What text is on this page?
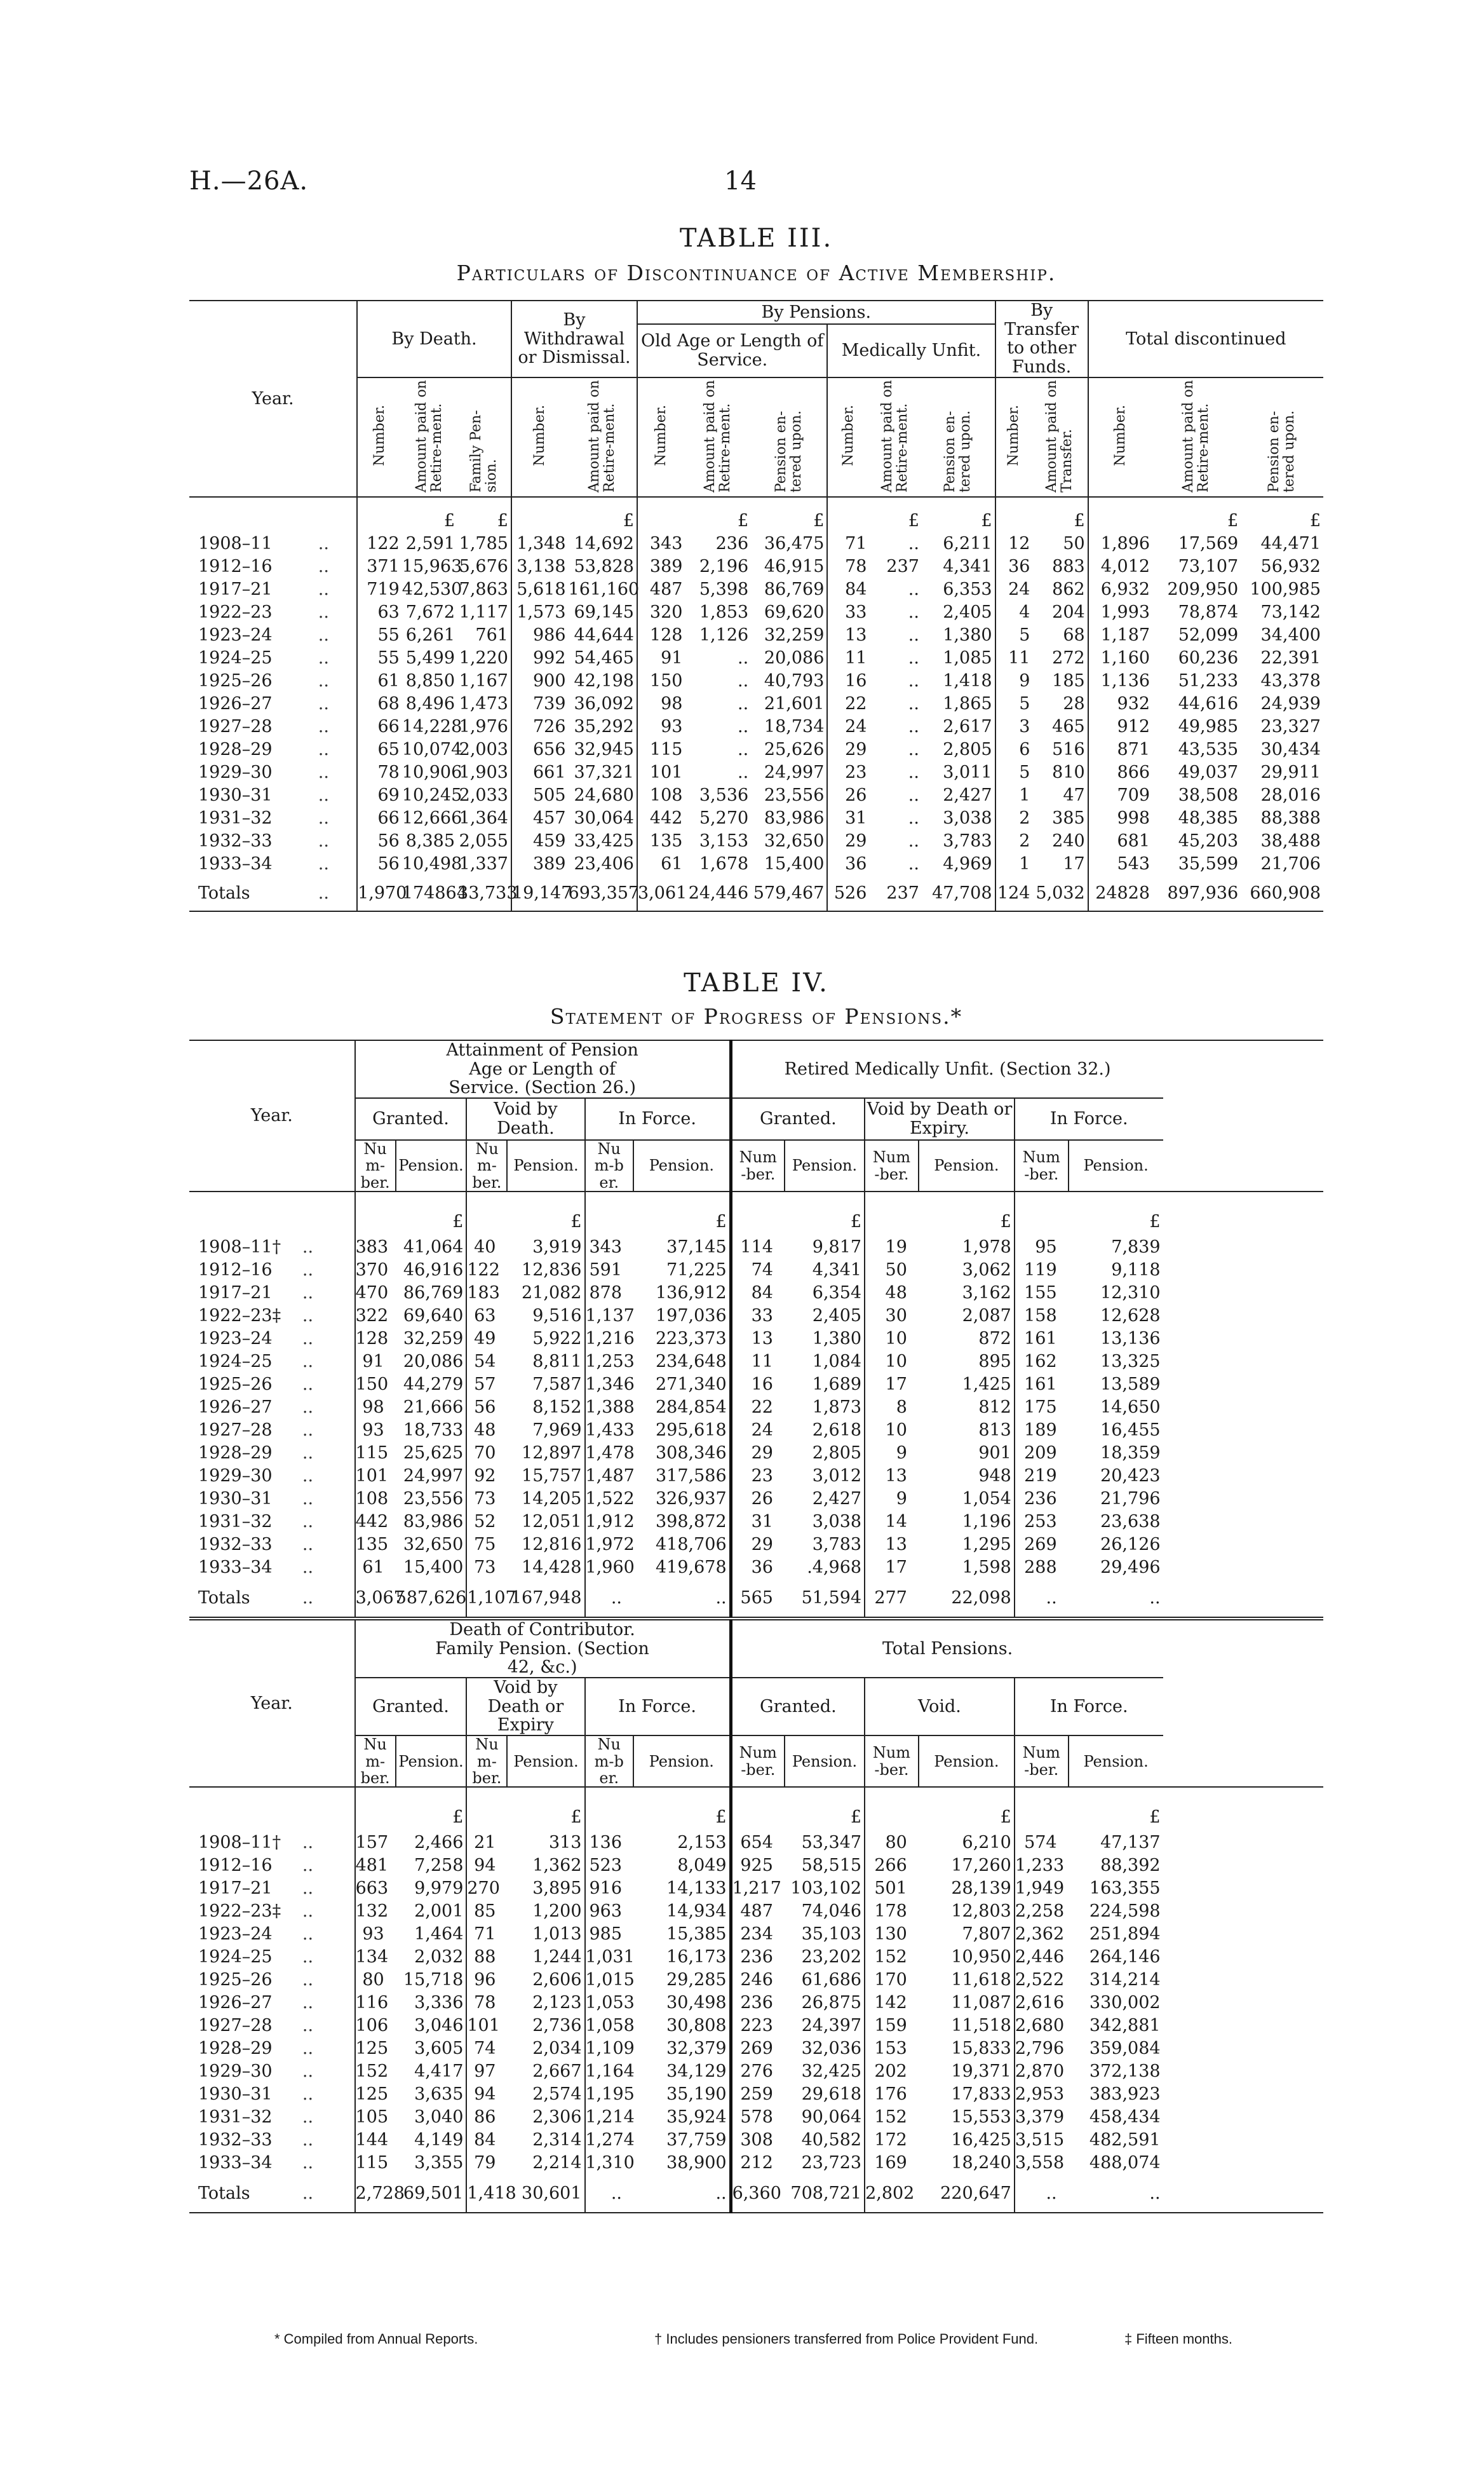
H.—26A.	14
TABLE III.
Particulars of Discontinuance of Active Membership.
Year.		By Death.			By Withdrawal or Dismissal.		By Pensions.						By Transfer to other Funds.		Total discontinued		
							Old Age or Length of Service.			Medically Unfit.							
		Number.	Amount paid on Retire-ment.	Family Pen-sion.	Number.	Amount paid on Retire-ment.	Number.	Amount paid on Retire-ment.	Pension en-tered upon.	Number.	Amount paid on Retire-ment.	Pension en-tered upon.	Number.	Amount paid on Transfer.	Number.	Amount paid on Retire-ment.	Pension en-tered upon.
			£	£		£		£	£		£	£		£		£	£
1908–11	..	122	2,591	1,785	1,348	14,692	343	236	36,475	71	..	6,211	12	50	1,896	17,569	44,471
1912–16	..	371	15,963	5,676	3,138	53,828	389	2,196	46,915	78	237	4,341	36	883	4,012	73,107	56,932
1917–21	..	719	42,530	7,863	5,618	161,160	487	5,398	86,769	84	..	6,353	24	862	6,932	209,950	100,985
1922–23	..	63	7,672	1,117	1,573	69,145	320	1,853	69,620	33	..	2,405	4	204	1,993	78,874	73,142
1923–24	..	55	6,261	761	986	44,644	128	1,126	32,259	13	..	1,380	5	68	1,187	52,099	34,400
1924–25	..	55	5,499	1,220	992	54,465	91	..	20,086	11	..	1,085	11	272	1,160	60,236	22,391
1925–26	..	61	8,850	1,167	900	42,198	150	..	40,793	16	..	1,418	9	185	1,136	51,233	43,378
1926–27	..	68	8,496	1,473	739	36,092	98	..	21,601	22	..	1,865	5	28	932	44,616	24,939
1927–28	..	66	14,228	1,976	726	35,292	93	..	18,734	24	..	2,617	3	465	912	49,985	23,327
1928–29	..	65	10,074	2,003	656	32,945	115	..	25,626	29	..	2,805	6	516	871	43,535	30,434
1929–30	..	78	10,906	1,903	661	37,321	101	..	24,997	23	..	3,011	5	810	866	49,037	29,911
1930–31	..	69	10,245	2,033	505	24,680	108	3,536	23,556	26	..	2,427	1	47	709	38,508	28,016
1931–32	..	66	12,666	1,364	457	30,064	442	5,270	83,986	31	..	3,038	2	385	998	48,385	88,388
1932–33	..	56	8,385	2,055	459	33,425	135	3,153	32,650	29	..	3,783	2	240	681	45,203	38,488
1933–34	..	56	10,498	1,337	389	23,406	61	1,678	15,400	36	..	4,969	1	17	543	35,599	21,706
Totals	..	1,970	174864	33,733	19,147	693,357	3,061	24,446	579,467	526	237	47,708	124	5,032	24828	897,936	660,908
TABLE IV.
Statement of Progress of Pensions.*
Year.		Attainment of Pension Age or Length of Service. (Section 26.)						Retired Medically Unfit. (Section 32.)					
		Granted.		Void by Death.		In Force.		Granted.		Void by Death or Expiry.		In Force.	
		Num-ber.	Pension.	Num-ber.	Pension.	Num-ber.	Pension.	Num-ber.	Pension.	Num-ber.	Pension.	Num-ber.	Pension.
			£		£		£		£		£		£
1908–11†	..	383	41,064	40	3,919	343	37,145	114	9,817	19	1,978	95	7,839
1912–16	..	370	46,916	122	12,836	591	71,225	74	4,341	50	3,062	119	9,118
1917–21	..	470	86,769	183	21,082	878	136,912	84	6,354	48	3,162	155	12,310
1922–23‡	..	322	69,640	63	9,516	1,137	197,036	33	2,405	30	2,087	158	12,628
1923–24	..	128	32,259	49	5,922	1,216	223,373	13	1,380	10	872	161	13,136
1924–25	..	91	20,086	54	8,811	1,253	234,648	11	1,084	10	895	162	13,325
1925–26	..	150	44,279	57	7,587	1,346	271,340	16	1,689	17	1,425	161	13,589
1926–27	..	98	21,666	56	8,152	1,388	284,854	22	1,873	8	812	175	14,650
1927–28	..	93	18,733	48	7,969	1,433	295,618	24	2,618	10	813	189	16,455
1928–29	..	115	25,625	70	12,897	1,478	308,346	29	2,805	9	901	209	18,359
1929–30	..	101	24,997	92	15,757	1,487	317,586	23	3,012	13	948	219	20,423
1930–31	..	108	23,556	73	14,205	1,522	326,937	26	2,427	9	1,054	236	21,796
1931–32	..	442	83,986	52	12,051	1,912	398,872	31	3,038	14	1,196	253	23,638
1932–33	..	135	32,650	75	12,816	1,972	418,706	29	3,783	13	1,295	269	26,126
1933–34	..	61	15,400	73	14,428	1,960	419,678	36	.4,968	17	1,598	288	29,496
Totals	..	3,067	587,626	1,107	167,948	..	..	565	51,594	277	22,098	..	..
Year.		Death of Contributor. Family Pension. (Section 42, &c.)						Total Pensions.					
		Granted.		Void by Death or Expiry		In Force.		Granted.		Void.		In Force.	
		Num-ber.	Pension.	Num-ber.	Pension.	Num-ber.	Pension.	Num-ber.	Pension.	Num-ber.	Pension.	Num-ber.	Pension.
			£		£		£		£		£		£
1908–11†	..	157	2,466	21	313	136	2,153	654	53,347	80	6,210	574	47,137
1912–16	..	481	7,258	94	1,362	523	8,049	925	58,515	266	17,260	1,233	88,392
1917–21	..	663	9,979	270	3,895	916	14,133	1,217	103,102	501	28,139	1,949	163,355
1922–23‡	..	132	2,001	85	1,200	963	14,934	487	74,046	178	12,803	2,258	224,598
1923–24	..	93	1,464	71	1,013	985	15,385	234	35,103	130	7,807	2,362	251,894
1924–25	..	134	2,032	88	1,244	1,031	16,173	236	23,202	152	10,950	2,446	264,146
1925–26	..	80	15,718	96	2,606	1,015	29,285	246	61,686	170	11,618	2,522	314,214
1926–27	..	116	3,336	78	2,123	1,053	30,498	236	26,875	142	11,087	2,616	330,002
1927–28	..	106	3,046	101	2,736	1,058	30,808	223	24,397	159	11,518	2,680	342,881
1928–29	..	125	3,605	74	2,034	1,109	32,379	269	32,036	153	15,833	2,796	359,084
1929–30	..	152	4,417	97	2,667	1,164	34,129	276	32,425	202	19,371	2,870	372,138
1930–31	..	125	3,635	94	2,574	1,195	35,190	259	29,618	176	17,833	2,953	383,923
1931–32	..	105	3,040	86	2,306	1,214	35,924	578	90,064	152	15,553	3,379	458,434
1932–33	..	144	4,149	84	2,314	1,274	37,759	308	40,582	172	16,425	3,515	482,591
1933–34	..	115	3,355	79	2,214	1,310	38,900	212	23,723	169	18,240	3,558	488,074
Totals	..	2,728	69,501	1,418	30,601	..	..	6,360	708,721	2,802	220,647	..	..
* Compiled from Annual Reports.	† Includes pensioners transferred from Police Provident Fund.	‡ Fifteen months.
